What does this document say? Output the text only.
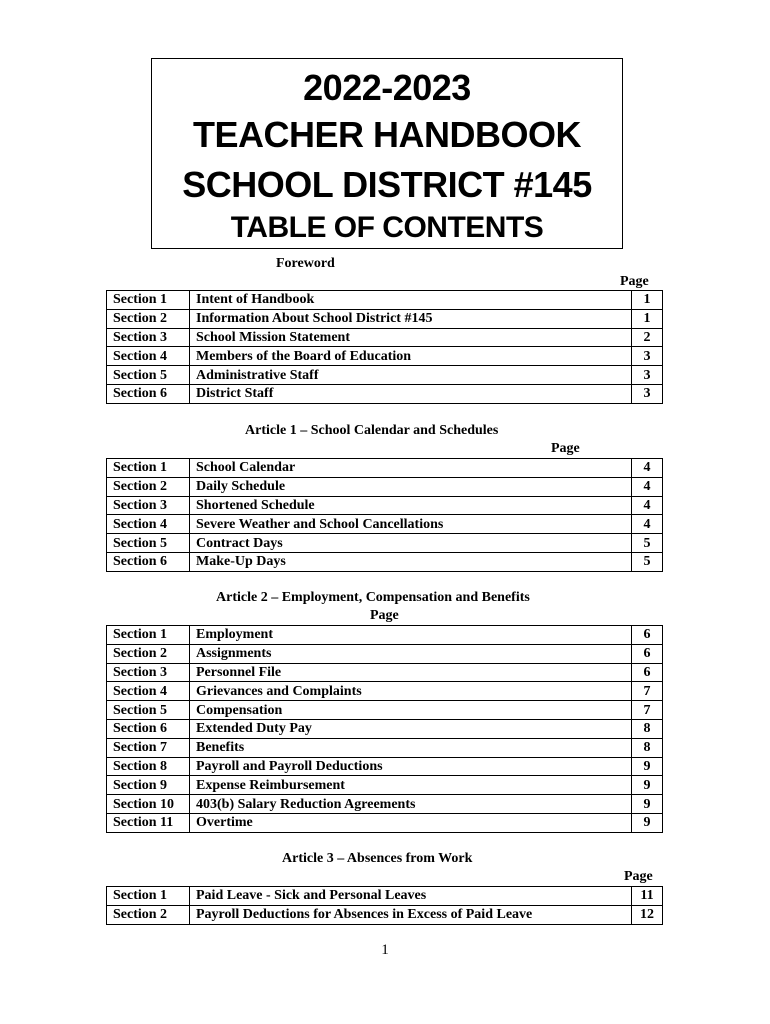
2022-2023
TEACHER HANDBOOK
SCHOOL DISTRICT #145
TABLE OF CONTENTS
Foreword
Page
Section 1	Intent of Handbook	1
Section 2	Information About School District #145	1
Section 3	School Mission Statement	2
Section 4	Members of the Board of Education	3
Section 5	Administrative Staff	3
Section 6	District Staff	3
Article 1 – School Calendar and Schedules
Page
Section 1	School Calendar	4
Section 2	Daily Schedule	4
Section 3	Shortened Schedule	4
Section 4	Severe Weather and School Cancellations	4
Section 5	Contract Days	5
Section 6	Make-Up Days	5
Article 2 – Employment, Compensation and Benefits
Page
Section 1	Employment	6
Section 2	Assignments	6
Section 3	Personnel File	6
Section 4	Grievances and Complaints	7
Section 5	Compensation	7
Section 6	Extended Duty Pay	8
Section 7	Benefits	8
Section 8	Payroll and Payroll Deductions	9
Section 9	Expense Reimbursement	9
Section 10	403(b) Salary Reduction Agreements	9
Section 11	Overtime	9
Article 3 – Absences from Work
Page
Section 1	Paid Leave - Sick and Personal Leaves	11
Section 2	Payroll Deductions for Absences in Excess of Paid Leave	12
1
